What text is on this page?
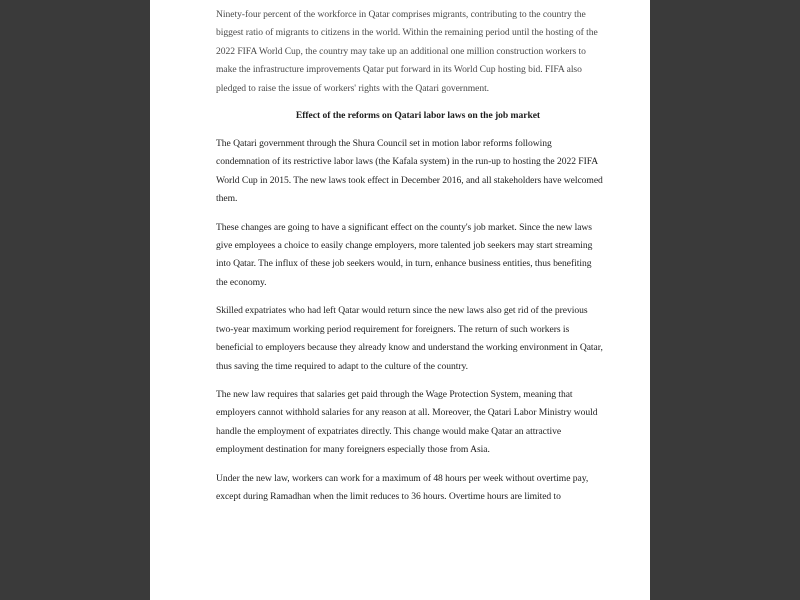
Ninety-four percent of the workforce in Qatar comprises migrants, contributing to the country the biggest ratio of migrants to citizens in the world. Within the remaining period until the hosting of the 2022 FIFA World Cup, the country may take up an additional one million construction workers to make the infrastructure improvements Qatar put forward in its World Cup hosting bid. FIFA also pledged to raise the issue of workers' rights with the Qatari government.

Effect of the reforms on Qatari labor laws on the job market

The Qatari government through the Shura Council set in motion labor reforms following condemnation of its restrictive labor laws (the Kafala system) in the run-up to hosting the 2022 FIFA World Cup in 2015. The new laws took effect in December 2016, and all stakeholders have welcomed them.

These changes are going to have a significant effect on the county's job market. Since the new laws give employees a choice to easily change employers, more talented job seekers may start streaming into Qatar. The influx of these job seekers would, in turn, enhance business entities, thus benefiting the economy.

Skilled expatriates who had left Qatar would return since the new laws also get rid of the previous two-year maximum working period requirement for foreigners. The return of such workers is beneficial to employers because they already know and understand the working environment in Qatar, thus saving the time required to adapt to the culture of the country.

The new law requires that salaries get paid through the Wage Protection System, meaning that employers cannot withhold salaries for any reason at all. Moreover, the Qatari Labor Ministry would handle the employment of expatriates directly. This change would make Qatar an attractive employment destination for many foreigners especially those from Asia.

Under the new law, workers can work for a maximum of 48 hours per week without overtime pay, except during Ramadhan when the limit reduces to 36 hours. Overtime hours are limited to
